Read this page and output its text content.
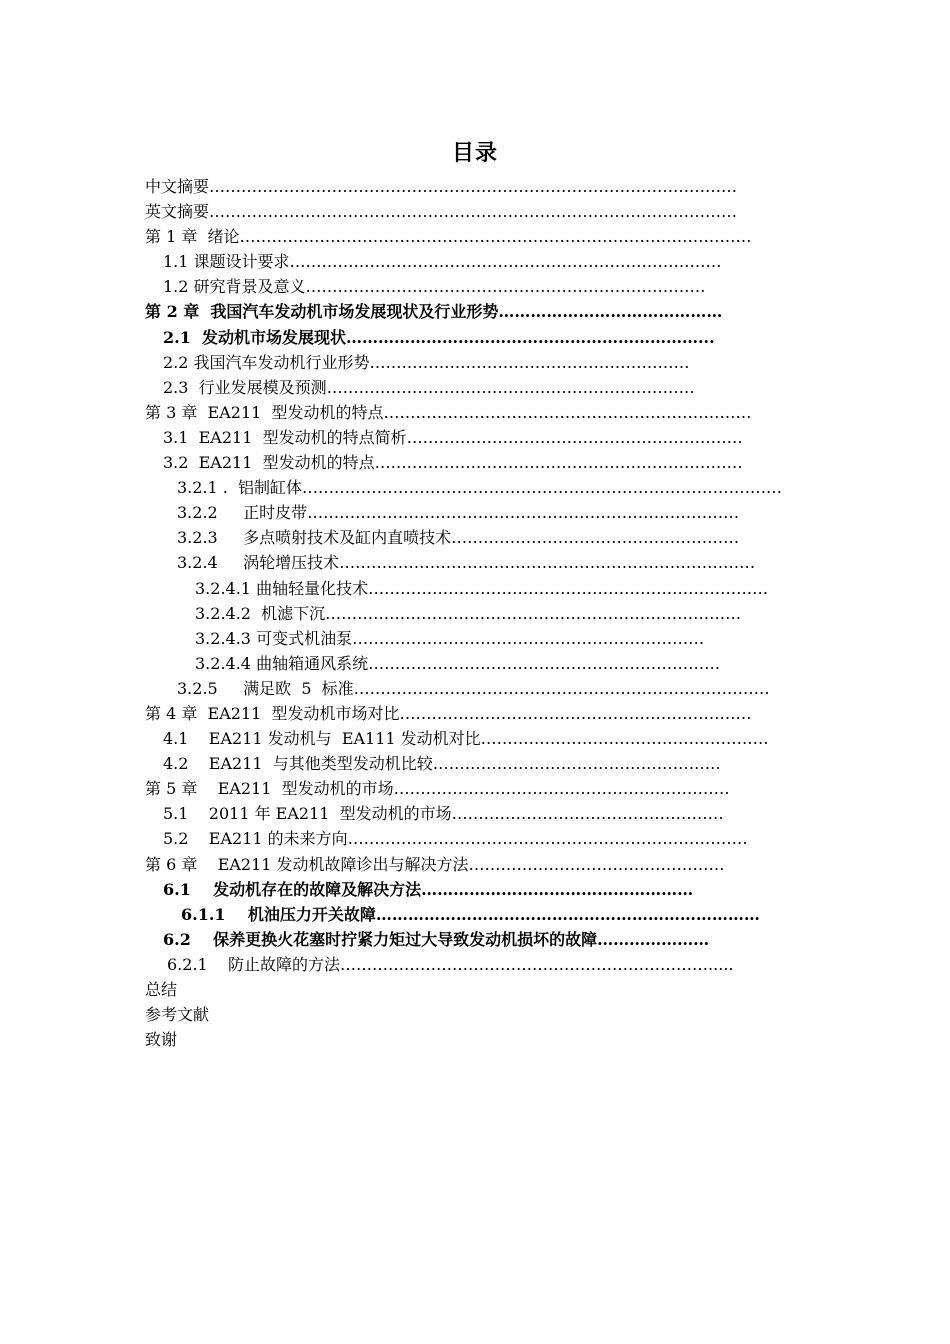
目录
中文摘要………………………………………………………………………………………
英文摘要………………………………………………………………………………………
第 1 章  绪论……………………………………………………………………………………
1.1 课题设计要求………………………………………………………………………
1.2 研究背景及意义…………………………………………………………………
第 2 章  我国汽车发动机市场发展现状及行业形势……………………………………
2.1  发动机市场发展现状…………………………………………………………...
2.2 我国汽车发动机行业形势……………………………………………………
2.3  行业发展模及预测……………………………………………………………
第 3 章  EA211  型发动机的特点……………………………………………………………
3.1  EA211  型发动机的特点简析………………………………………………………
3.2  EA211  型发动机的特点……………………………………………………………
3.2.1 .  铝制缸体………………………………………………………………………………
3.2.2     正时皮带………………………………………………………………………
3.2.3     多点喷射技术及缸内直喷技术………………………………………………
3.2.4     涡轮增压技术……………………………………………………………………
3.2.4.1 曲轴轻量化技术…………………………………………………………………
3.2.4.2  机滤下沉……………………………………………………………………
3.2.4.3 可变式机油泵…………………………………………………………
3.2.4.4 曲轴箱通风系统…………………………………………………………
3.2.5     满足欧  5  标准……………………………………………………………………
第 4 章  EA211  型发动机市场对比…………………………………………………………
4.1    EA211 发动机与  EA111 发动机对比………………………………………………
4.2    EA211  与其他类型发动机比较………………………………………………
第 5 章    EA211  型发动机的市场………………………………………………………
5.1    2011 年 EA211  型发动机的市场……………………………………………
5.2    EA211 的未来方向…………………………………………………………………
第 6 章    EA211 发动机故障诊出与解决方法…………………………………………
6.1    发动机存在的故障及解决方法……………………………………………
6.1.1    机油压力开关故障………………………………………………………………
6.2    保养更换火花塞时拧紧力矩过大导致发动机损坏的故障…………………
6.2.1    防止故障的方法…………………………………………………………….....
总结
参考文献
致谢
